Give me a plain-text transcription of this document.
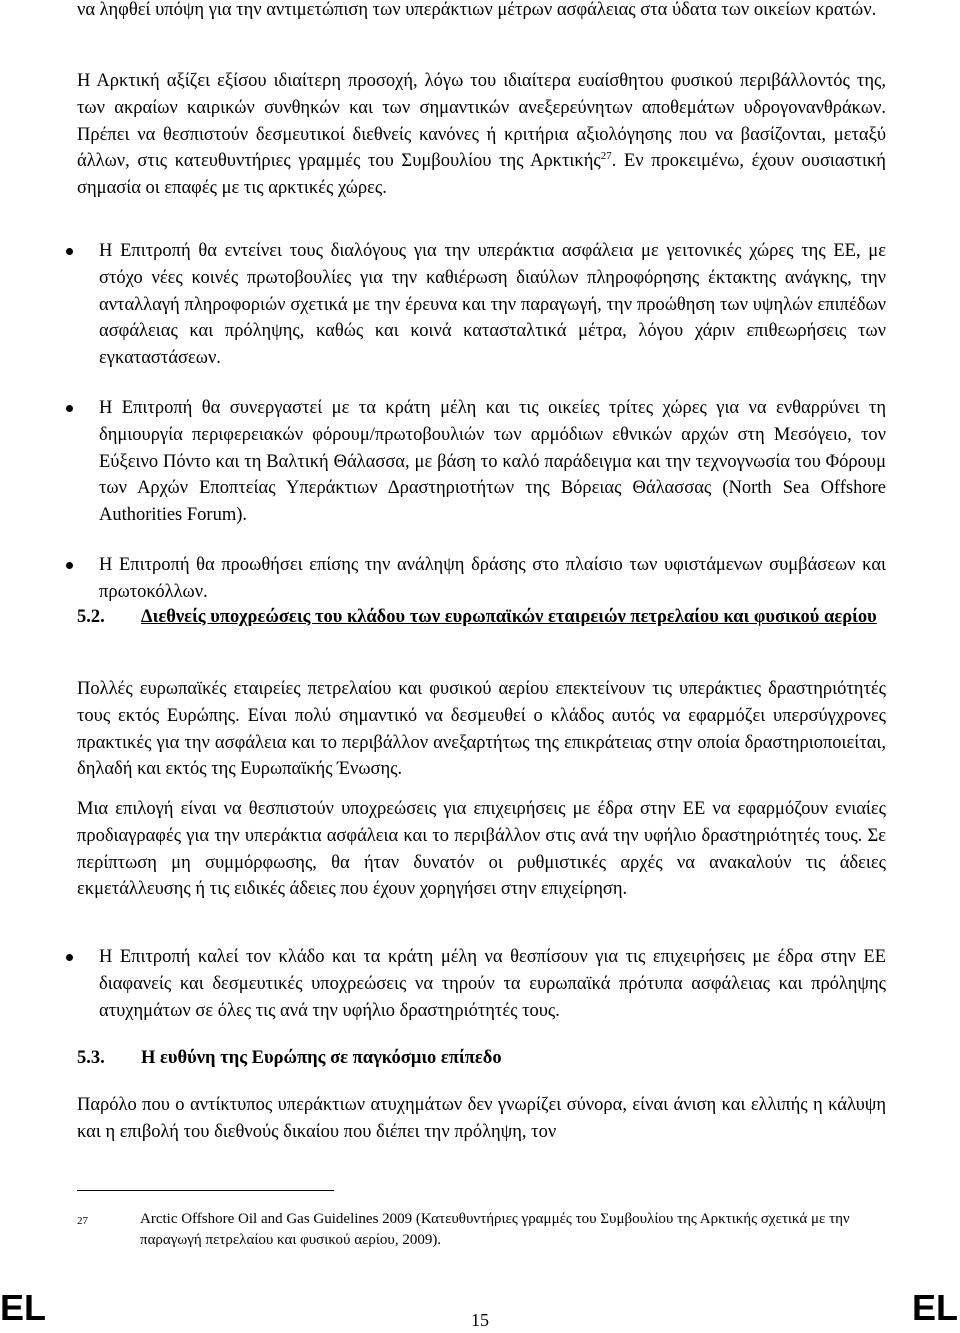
να ληφθεί υπόψη για την αντιμετώπιση των υπεράκτιων μέτρων ασφάλειας στα ύδατα των οικείων κρατών.

Η Αρκτική αξίζει εξίσου ιδιαίτερη προσοχή, λόγω του ιδιαίτερα ευαίσθητου φυσικού περιβάλλοντός της, των ακραίων καιρικών συνθηκών και των σημαντικών ανεξερεύνητων αποθεμάτων υδρογονανθράκων. Πρέπει να θεσπιστούν δεσμευτικοί διεθνείς κανόνες ή κριτήρια αξιολόγησης που να βασίζονται, μεταξύ άλλων, στις κατευθυντήριες γραμμές του Συμβουλίου της Αρκτικής$^{27}$. Εν προκειμένω, έχουν ουσιαστική σημασία οι επαφές με τις αρκτικές χώρες.

Η Επιτροπή θα εντείνει τους διαλόγους για την υπεράκτια ασφάλεια με γειτονικές χώρες της ΕΕ, με στόχο νέες κοινές πρωτοβουλίες για την καθιέρωση διαύλων πληροφόρησης έκτακτης ανάγκης, την ανταλλαγή πληροφοριών σχετικά με την έρευνα και την παραγωγή, την προώθηση των υψηλών επιπέδων ασφάλειας και πρόληψης, καθώς και κοινά κατασταλτικά μέτρα, λόγου χάριν επιθεωρήσεις των εγκαταστάσεων.

Η Επιτροπή θα συνεργαστεί με τα κράτη μέλη και τις οικείες τρίτες χώρες για να ενθαρρύνει τη δημιουργία περιφερειακών φόρουμ/πρωτοβουλιών των αρμόδιων εθνικών αρχών στη Μεσόγειο, τον Εύξεινο Πόντο και τη Βαλτική Θάλασσα, με βάση το καλό παράδειγμα και την τεχνογνωσία του Φόρουμ των Αρχών Εποπτείας Υπεράκτιων Δραστηριοτήτων της Βόρειας Θάλασσας (North Sea Offshore Authorities Forum).

Η Επιτροπή θα προωθήσει επίσης την ανάληψη δράσης στο πλαίσιο των υφιστάμενων συμβάσεων και πρωτοκόλλων.

5.2. Διεθνείς υποχρεώσεις του κλάδου των ευρωπαϊκών εταιρειών πετρελαίου και φυσικού αερίου

Πολλές ευρωπαϊκές εταιρείες πετρελαίου και φυσικού αερίου επεκτείνουν τις υπεράκτιες δραστηριότητές τους εκτός Ευρώπης. Είναι πολύ σημαντικό να δεσμευθεί ο κλάδος αυτός να εφαρμόζει υπερσύγχρονες πρακτικές για την ασφάλεια και το περιβάλλον ανεξαρτήτως της επικράτειας στην οποία δραστηριοποιείται, δηλαδή και εκτός της Ευρωπαϊκής Ένωσης.

Μια επιλογή είναι να θεσπιστούν υποχρεώσεις για επιχειρήσεις με έδρα στην ΕΕ να εφαρμόζουν ενιαίες προδιαγραφές για την υπεράκτια ασφάλεια και το περιβάλλον στις ανά την υφήλιο δραστηριότητές τους. Σε περίπτωση μη συμμόρφωσης, θα ήταν δυνατόν οι ρυθμιστικές αρχές να ανακαλούν τις άδειες εκμετάλλευσης ή τις ειδικές άδειες που έχουν χορηγήσει στην επιχείρηση.

Η Επιτροπή καλεί τον κλάδο και τα κράτη μέλη να θεσπίσουν για τις επιχειρήσεις με έδρα στην ΕΕ διαφανείς και δεσμευτικές υποχρεώσεις να τηρούν τα ευρωπαϊκά πρότυπα ασφάλειας και πρόληψης ατυχημάτων σε όλες τις ανά την υφήλιο δραστηριότητές τους.

5.3. Η ευθύνη της Ευρώπης σε παγκόσμιο επίπεδο

Παρόλο που ο αντίκτυπος υπεράκτιων ατυχημάτων δεν γνωρίζει σύνορα, είναι άνιση και ελλιπής η κάλυψη και η επιβολή του διεθνούς δικαίου που διέπει την πρόληψη, τον

27	Arctic Offshore Oil and Gas Guidelines 2009 (Κατευθυντήριες γραμμές του Συμβουλίου της Αρκτικής σχετικά με την παραγωγή πετρελαίου και φυσικού αερίου, 2009).
EL	15	EL
